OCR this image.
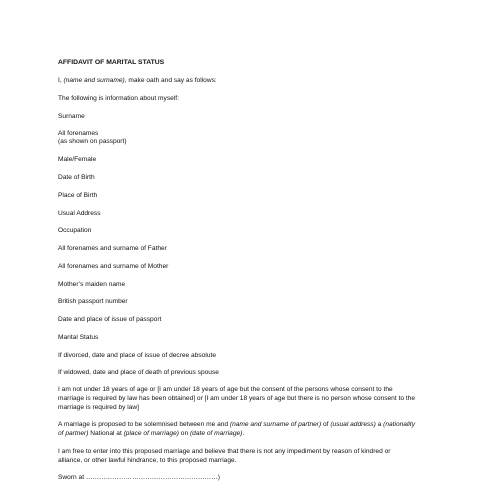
AFFIDAVIT OF MARITAL STATUS
I, (name and surname), make oath and say as follows:
The following is information about myself:
Surname
All forenames
(as shown on passport)
Male/Female
Date of Birth
Place of Birth
Usual Address
Occupation
All forenames and surname of Father
All forenames and surname of Mother
Mother’s maiden name
British passport number
Date and place of issue of passport
Marital Status
If divorced, date and place of issue of decree absolute
If widowed, date and place of death of previous spouse
I am not under 18 years of age or [I am under 18 years of age but the consent of the persons whose consent to the
marriage is required by law has been obtained] or [I am under 18 years of age but there is no person whose consent to the
marriage is required by law]
A marriage is proposed to be solemnised between me and (name and surname of partner) of (usual address) a (nationality
of partner) National at (place of marriage) on (date of marriage).
I am free to enter into this proposed marriage and believe that there is not any impediment by reason of kindred or
alliance, or other lawful hindrance, to this proposed marriage.
Sworn at ……………………………………………………)
